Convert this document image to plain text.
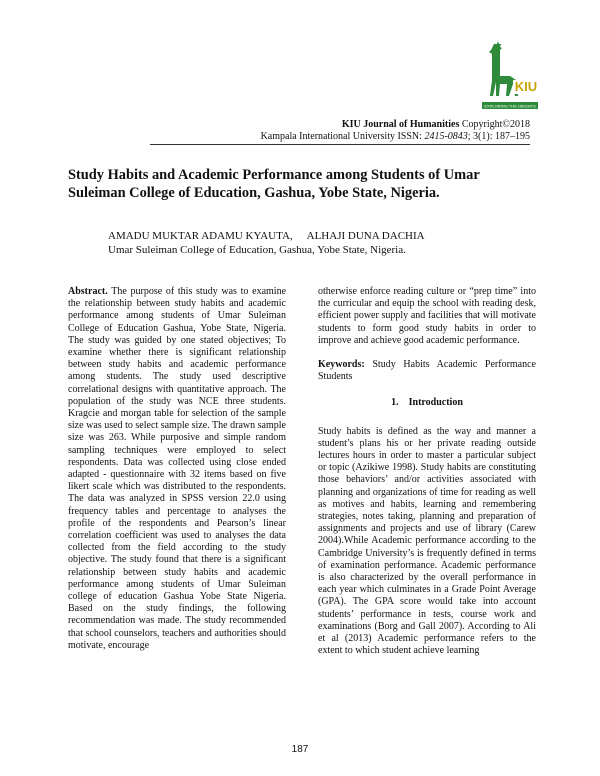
KIU
EXPLORING THE HEIGHTS
KIU Journal of Humanities Copyright©2018
Kampala International University ISSN: 2415-0843; 3(1): 187–195
Study Habits and Academic Performance among Students of Umar Suleiman College of Education, Gashua, Yobe State, Nigeria.
AMADU MUKTAR ADAMU KYAUTA, ALHAJI DUNA DACHIA
Umar Suleiman College of Education, Gashua, Yobe State, Nigeria.

Abstract. The purpose of this study was to examine the relationship between study habits and academic performance among students of Umar Suleiman College of Education Gashua, Yobe State, Nigeria. The study was guided by one stated objectives; To examine whether there is significant relationship between study habits and academic performance among students. The study used descriptive correlational designs with quantitative approach. The population of the study was NCE three students. Kragcie and morgan table for selection of the sample size was used to select sample size. The drawn sample size was 263. While purposive and simple random sampling techniques were employed to select respondents. Data was collected using close ended adapted - questionnaire with 32 items based on five likert scale which was distributed to the respondents. The data was analyzed in SPSS version 22.0 using frequency tables and percentage to analyses the profile of the respondents and Pearson’s linear correlation coefficient was used to analyses the data collected from the field according to the study objective. The study found that there is a significant relationship between study habits and academic performance among students of Umar Suleiman college of education Gashua Yobe State Nigeria. Based on the study findings, the following recommendation was made. The study recommended that school counselors, teachers and authorities should motivate, encourage

otherwise enforce reading culture or “prep time” into the curricular and equip the school with reading desk, efficient power supply and facilities that will motivate students to form good study habits in order to improve and achieve good academic performance.

Keywords: Study Habits Academic Performance Students

1.    Introduction

Study habits is defined as the way and manner a student’s plans his or her private reading outside lectures hours in order to master a particular subject or topic (Azikiwe 1998). Study habits are constituting those behaviors’ and/or activities associated with planning and organizations of time for reading as well as motives and habits, learning and remembering strategies, notes taking, planning and preparation of assignments and projects and use of library (Carew 2004).While Academic performance according to the Cambridge University’s is frequently defined in terms of examination performance. Academic performance is also characterized by the overall performance in each year which culminates in a Grade Point Average (GPA). The GPA score would take into account students’ performance in tests, course work and examinations (Borg and Gall 2007). According to Ali et al (2013) Academic performance refers to the extent to which student achieve learning

187
